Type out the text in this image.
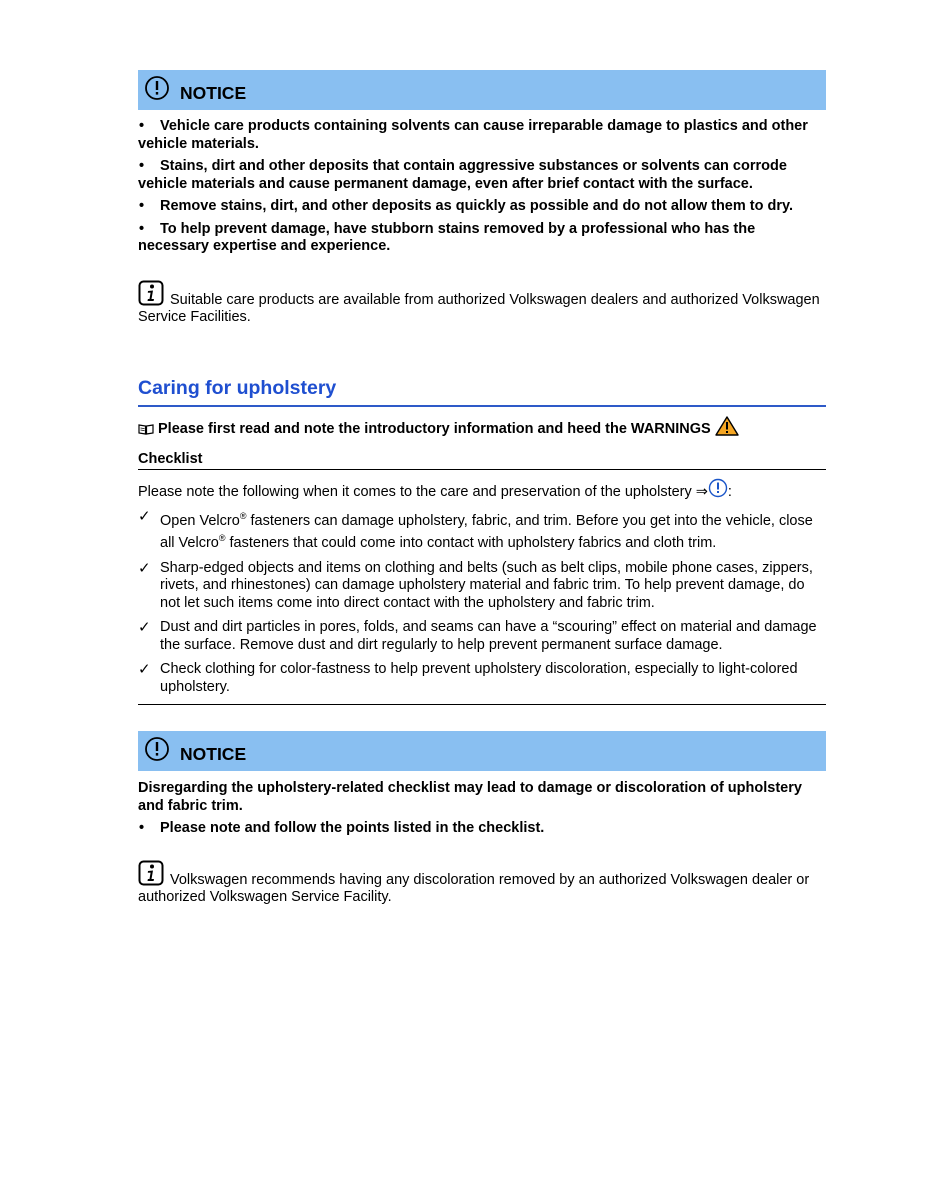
NOTICE
• Vehicle care products containing solvents can cause irreparable damage to plastics and other vehicle materials.
• Stains, dirt and other deposits that contain aggressive substances or solvents can corrode vehicle materials and cause permanent damage, even after brief contact with the surface.
• Remove stains, dirt, and other deposits as quickly as possible and do not allow them to dry.
• To help prevent damage, have stubborn stains removed by a professional who has the necessary expertise and experience.
Suitable care products are available from authorized Volkswagen dealers and authorized Volkswagen Service Facilities.
Caring for upholstery
Please first read and note the introductory information and heed the WARNINGS
Checklist
Please note the following when it comes to the care and preservation of the upholstery ⇒ :
✓ Open Velcro® fasteners can damage upholstery, fabric, and trim. Before you get into the vehicle, close all Velcro® fasteners that could come into contact with upholstery fabrics and cloth trim.
✓ Sharp-edged objects and items on clothing and belts (such as belt clips, mobile phone cases, zippers, rivets, and rhinestones) can damage upholstery material and fabric trim. To help prevent damage, do not let such items come into direct contact with the upholstery and fabric trim.
✓ Dust and dirt particles in pores, folds, and seams can have a “scouring” effect on material and damage the surface. Remove dust and dirt regularly to help prevent permanent surface damage.
✓ Check clothing for color-fastness to help prevent upholstery discoloration, especially to light-colored upholstery.
NOTICE
Disregarding the upholstery-related checklist may lead to damage or discoloration of upholstery and fabric trim.
• Please note and follow the points listed in the checklist.
Volkswagen recommends having any discoloration removed by an authorized Volkswagen dealer or authorized Volkswagen Service Facility.
